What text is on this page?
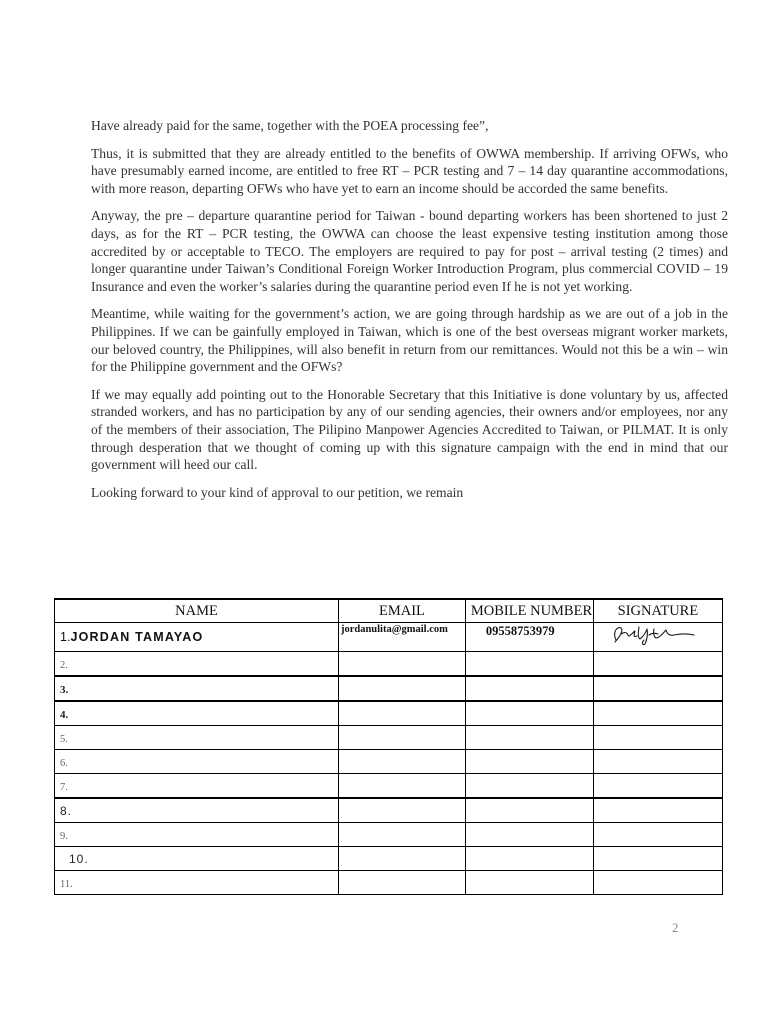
Have already paid for the same, together with the POEA processing fee”,

Thus, it is submitted that they are already entitled to the benefits of OWWA membership. If arriving OFWs, who have presumably earned income, are entitled to free RT – PCR testing and 7 – 14 day quarantine accommodations, with more reason, departing OFWs who have yet to earn an income should be accorded the same benefits.

Anyway, the pre – departure quarantine period for Taiwan - bound departing workers has been shortened to just 2 days, as for the RT – PCR testing, the OWWA can choose the least expensive testing institution among those accredited by or acceptable to TECO. The employers are required to pay for post – arrival testing (2 times) and longer quarantine under Taiwan’s Conditional Foreign Worker Introduction Program, plus commercial COVID – 19 Insurance and even the worker’s salaries during the quarantine period even If he is not yet working.

Meantime, while waiting for the government’s action, we are going through hardship as we are out of a job in the Philippines. If we can be gainfully employed in Taiwan, which is one of the best overseas migrant worker markets, our beloved country, the Philippines, will also benefit in return from our remittances. Would not this be a win – win for the Philippine government and the OFWs?

If we may equally add pointing out to the Honorable Secretary that this Initiative is done voluntary by us, affected stranded workers, and has no participation by any of our sending agencies, their owners and/or employees, nor any of the members of their association, The Pilipino Manpower Agencies Accredited to Taiwan, or PILMAT. It is only through desperation that we thought of coming up with this signature campaign with the end in mind that our government will heed our call.

Looking forward to your kind of approval to our petition, we remain

NAME	EMAIL	MOBILE NUMBER	SIGNATURE
1.JORDAN TAMAYAO	jordanulita@gmail.com	09558753979	
2.			
3.			
4.			
5.			
6.			
7.			
8.			
9.			
10.			
11.			
2
